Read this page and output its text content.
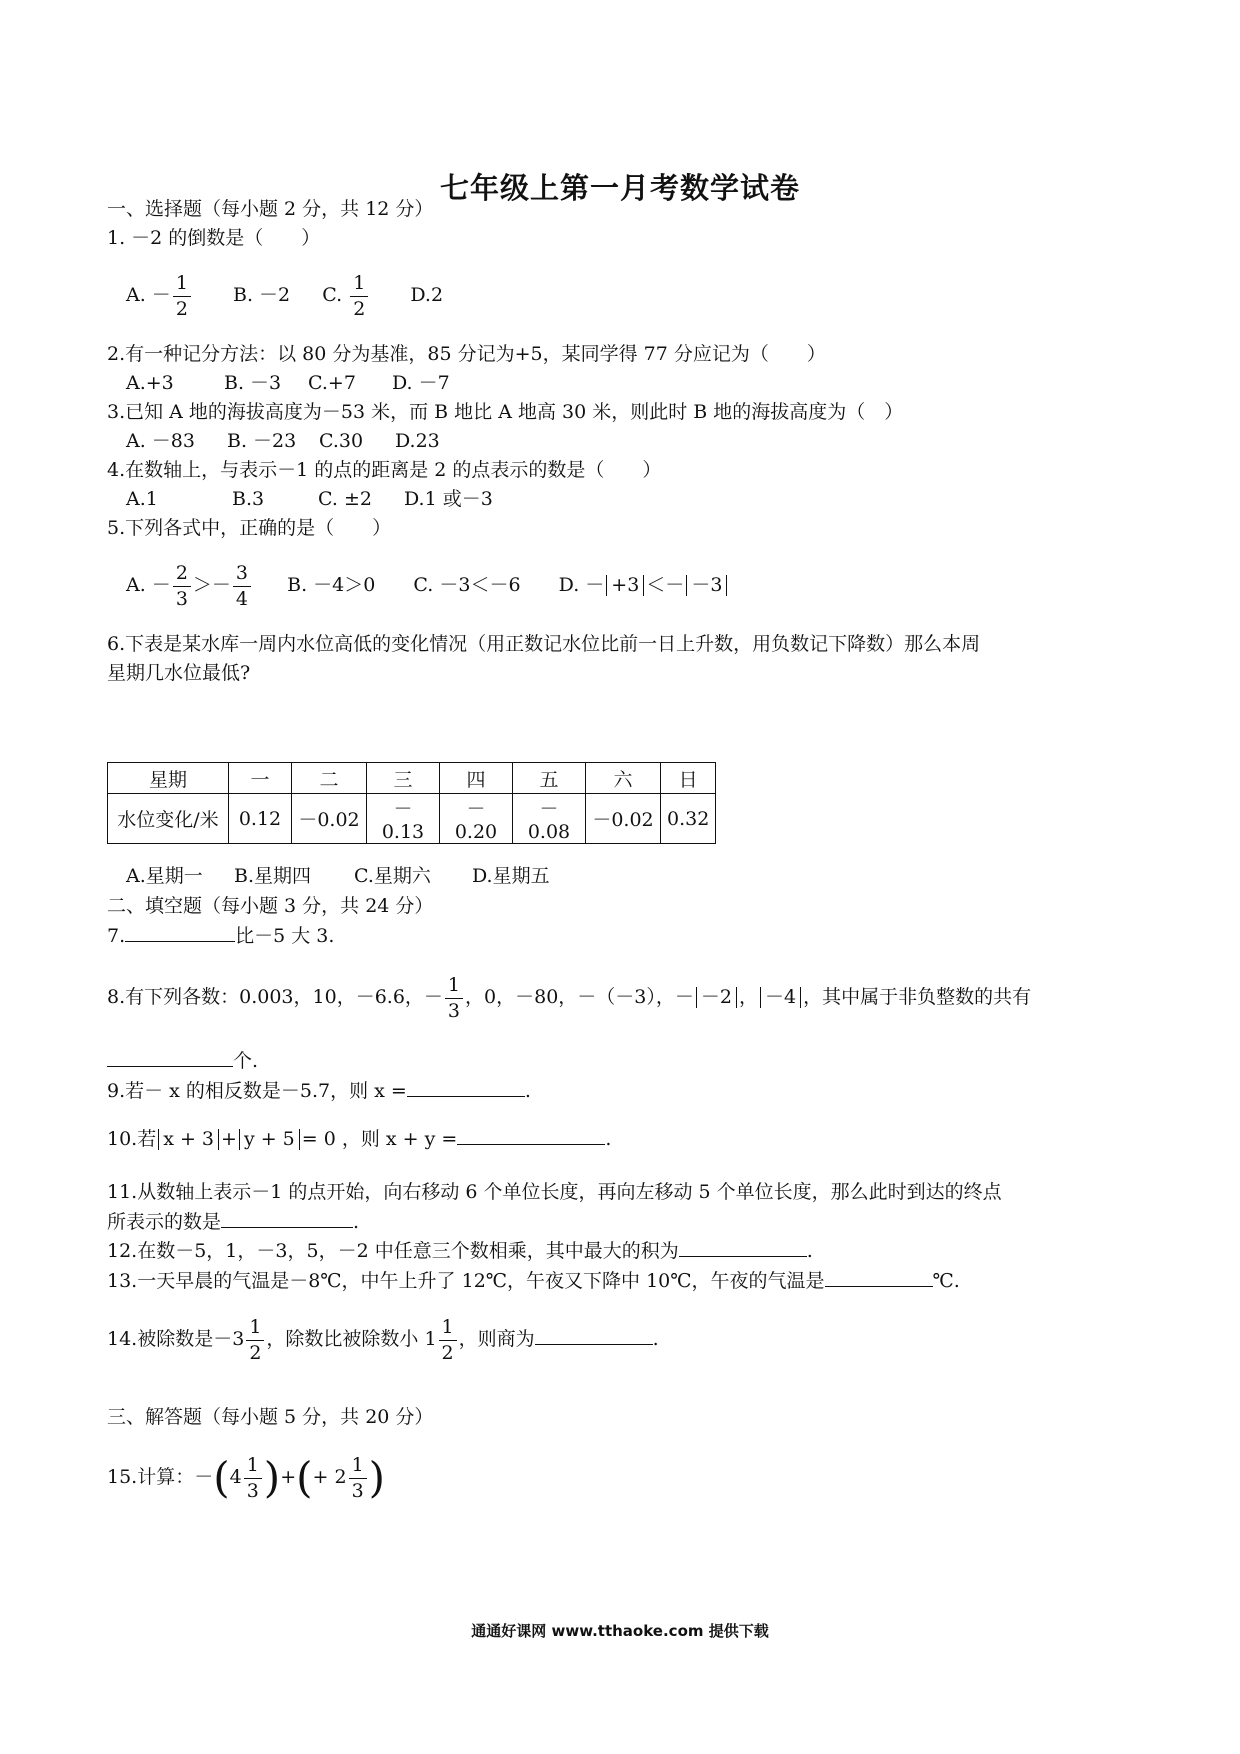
七年级上第一月考数学试卷
一、选择题（每小题 2 分，共 12 分）
1. －2 的倒数是（　　）
A. － $\frac{1}{2} B$. －2 C. $\frac{1}{2} D.2$
2.有一种记分方法：以 80 分为基准，85 分记为+5，某同学得 77 分应记为（　　）
A.+3	B. －3 C.+7 D. －7
3.已知 A 地的海拔高度为－53 米，而 B 地比 A 地高 30 米，则此时 B 地的海拔高度为（　）
A. －83 B. －23 C.30 D.23
4.在数轴上，与表示－1 的点的距离是 2 的点表示的数是（　　）
A.1	B.3	C. ±2 D.1 或－3
5.下列各式中，正确的是（　　）
A. － $\frac{2}{3} >- \frac{3}{4} B$. －4＞0 C. －3＜－6 D. － +3 ＜－ －3
6.下表是某水库一周内水位高低的变化情况（用正数记水位比前一日上升数，用负数记下降数）那么本周
星期几水位最低?
星期	一	二	三	四	五	六	日
水位变化/米	0.12	－0.02	－0.13	－0.20	－0.08	－0.02	0.32
A.星期一 B.星期四 C.星期六 D.星期五
二、填空题（每小题 3 分，共 24 分）
7.	比－5 大 3.
8.有下列各数：0.003，10，－6.6，－ $\frac{1}{3}$ ，0，－80，－（－3），－ －2 ， －4 ，其中属于非负整数的共有
个.
9.若－ x 的相反数是－5.7，则 x =	.
10.若 x + 3 + y + 5 = 0 ，则 x + y =	.
11.从数轴上表示－1 的点开始，向右移动 6 个单位长度，再向左移动 5 个单位长度，那么此时到达的终点
所表示的数是	.
12.在数－5，1，－3，5，－2 中任意三个数相乘，其中最大的积为	.
13.一天早晨的气温是－8℃，中午上升了 12℃，午夜又下降中 10℃，午夜的气温是	℃.
14.被除数是$-3 \frac{1}{2}$ ，除数比被除数小 $1 \frac{1}{2}$ ，则商为	.
三、解答题（每小题 5 分，共 20 分）
15.计算：$-(4 \frac{1}{3}$ )+(+ $2 \frac{1}{3}$ )
通通好课网 www.tthaoke.com 提供下载
